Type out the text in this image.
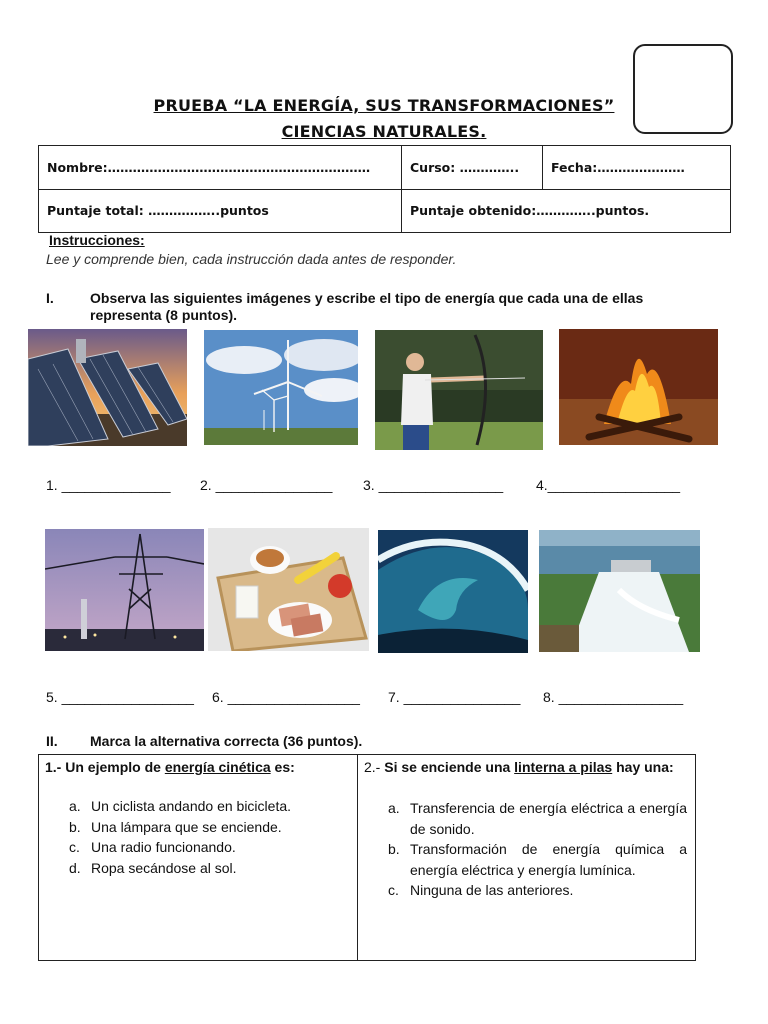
PRUEBA “LA ENERGÍA, SUS TRANSFORMACIONES”
CIENCIAS NATURALES.
Nombre:………………………………………………………	Curso: …………..	Fecha:…………………
Puntaje total: ……………..puntos	Puntaje obtenido:…………..puntos.	
Instrucciones:
Lee y comprende bien, cada instrucción dada antes de responder.
I.	Observa las siguientes imágenes y escribe el tipo de energía que cada una de ellas representa (8 puntos).
1. ______________ 2. _______________ 3. ________________ 4._________________
5. _________________ 6. _________________ 7. _______________ 8. ________________
II. Marca la alternativa correcta (36 puntos).
1.- Un ejemplo de energía cinética es:
a. Un ciclista andando en bicicleta.
b. Una lámpara que se enciende.
c. Una radio funcionando.
d. Ropa secándose al sol.

2.- Si se enciende una linterna a pilas hay una:
a. Transferencia de energía eléctrica a energía de sonido.
b. Transformación de energía química a energía eléctrica y energía lumínica.
c. Ninguna de las anteriores.
